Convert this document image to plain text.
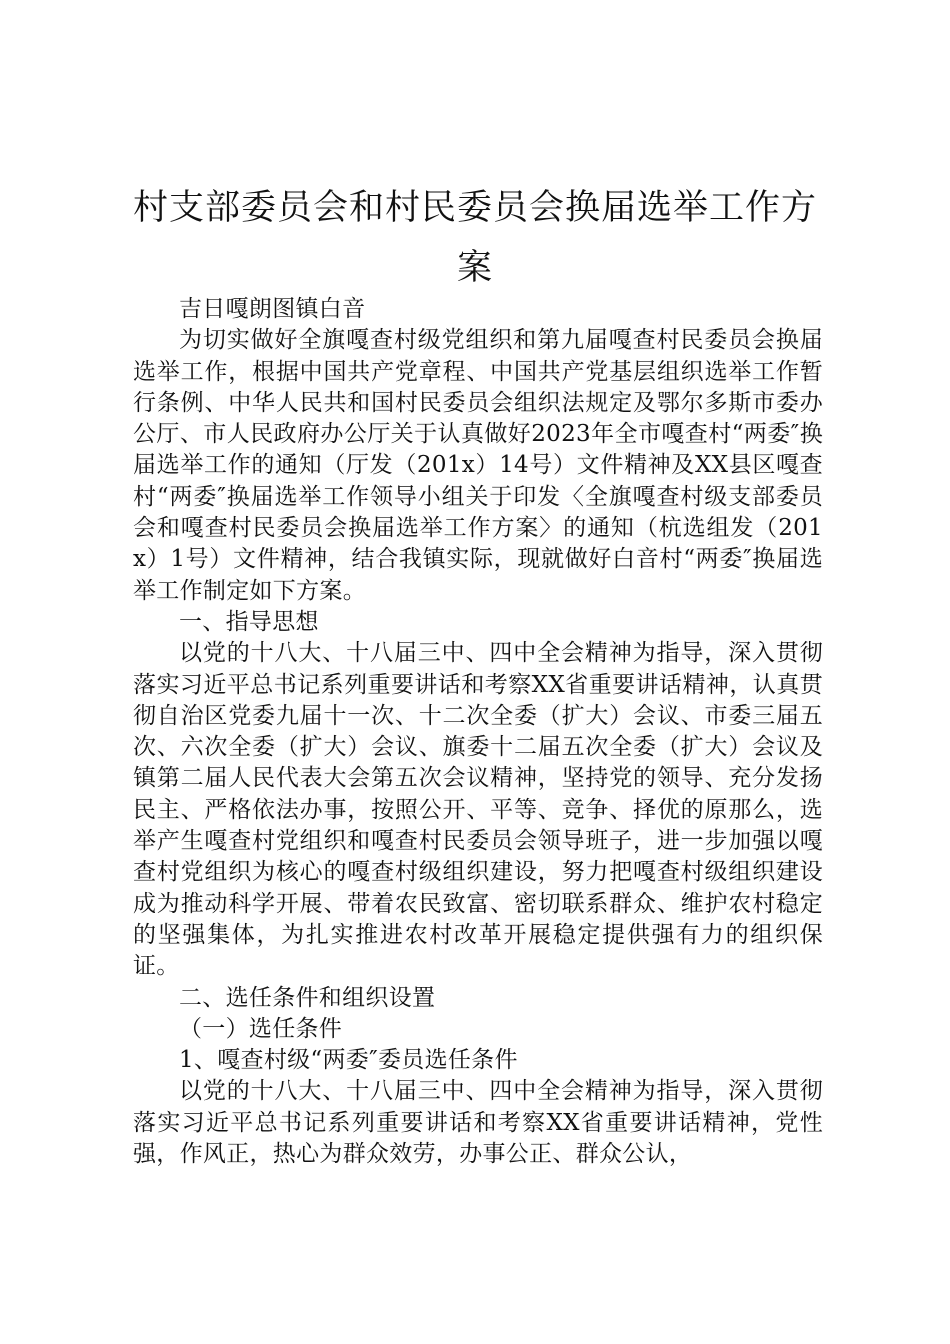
村支部委员会和村民委员会换届选举工作方案

吉日嘎朗图镇白音

为切实做好全旗嘎查村级党组织和第九届嘎查村民委员会换届选举工作，根据中国共产党章程、中国共产党基层组织选举工作暂行条例、中华人民共和国村民委员会组织法规定及鄂尔多斯市委办公厅、市人民政府办公厅关于认真做好2023年全市嘎查村“两委″换届选举工作的通知（厅发（201x）14号）文件精神及XX县区嘎查村“两委″换届选举工作领导小组关于印发〈全旗嘎查村级支部委员会和嘎查村民委员会换届选举工作方案〉的通知（杭选组发（201x）1号）文件精神，结合我镇实际，现就做好白音村“两委″换届选举工作制定如下方案。

一、指导思想

以党的十八大、十八届三中、四中全会精神为指导，深入贯彻落实习近平总书记系列重要讲话和考察XX省重要讲话精神，认真贯彻自治区党委九届十一次、十二次全委（扩大）会议、市委三届五次、六次全委（扩大）会议、旗委十二届五次全委（扩大）会议及镇第二届人民代表大会第五次会议精神，坚持党的领导、充分发扬民主、严格依法办事，按照公开、平等、竞争、择优的原那么，选举产生嘎查村党组织和嘎查村民委员会领导班子，进一步加强以嘎查村党组织为核心的嘎查村级组织建设，努力把嘎查村级组织建设成为推动科学开展、带着农民致富、密切联系群众、维护农村稳定的坚强集体，为扎实推进农村改革开展稳定提供强有力的组织保证。

二、选任条件和组织设置

（一）选任条件

1、嘎查村级“两委″委员选任条件

以党的十八大、十八届三中、四中全会精神为指导，深入贯彻落实习近平总书记系列重要讲话和考察XX省重要讲话精神，党性强，作风正，热心为群众效劳，办事公正、群众公认，
